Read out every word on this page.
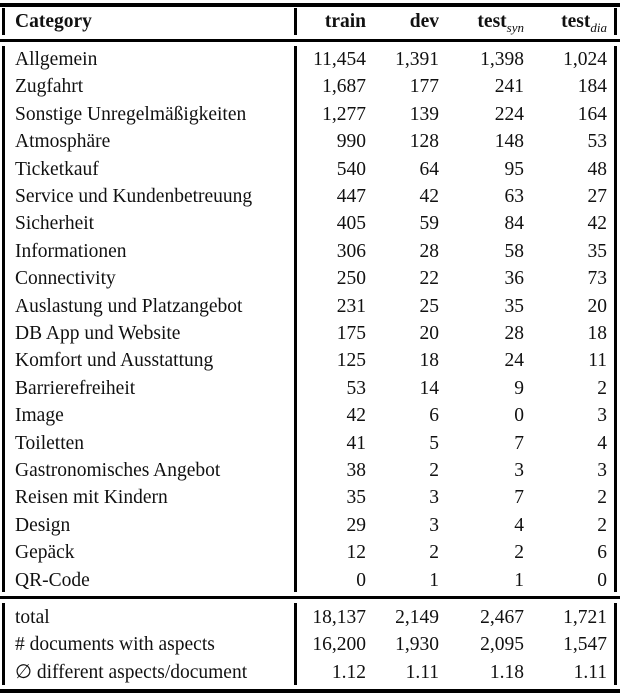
Category	train dev test$_{syn}$ test$_{dia}$
Allgemein	11,454 1,391 1,398 1,024
Zugfahrt	1,687 177	241	184
Sonstige Unregelmäßigkeiten	1,277 139	224	164
Atmosphäre	990 128	148	53
Ticketkauf	540	64	95	48
Service und Kundenbetreuung	447	42	63	27
Sicherheit	405	59	84	42
Informationen	306	28	58	35
Connectivity	250	22	36	73
Auslastung und Platzangebot	231	25	35	20
DB App und Website	175	20	28	18
Komfort und Ausstattung	125	18	24	11
Barrierefreiheit	53	14	9	2
Image	42	6	0	3
Toiletten	41	5	7	4
Gastronomisches Angebot	38	2	3	3
Reisen mit Kindern	35	3	7	2
Design	29	3	4	2
Gepäck	12	2	2	6
QR-Code	0	1	1	0
total	18,137 2,149 2,467 1,721
# documents with aspects	16,200 1,930 2,095 1,547
∅ different aspects/document	1.12 1.11	1.18	1.11
